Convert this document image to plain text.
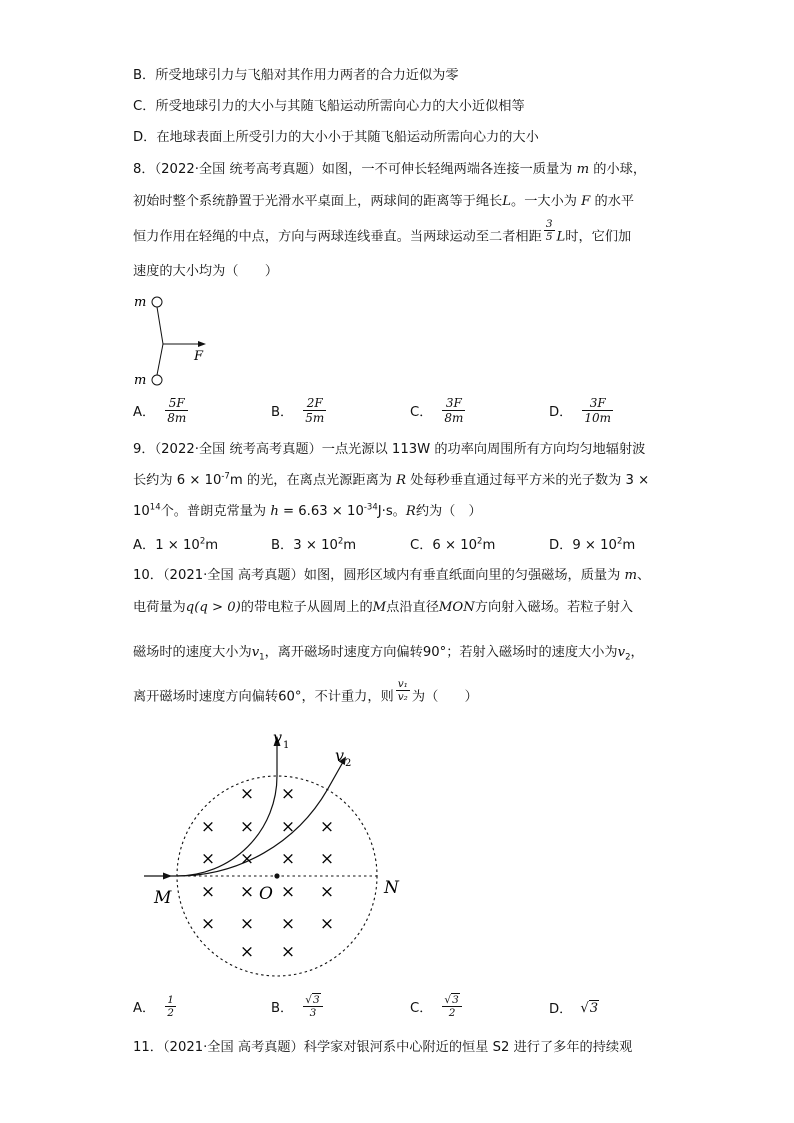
B．所受地球引力与飞船对其作用力两者的合力近似为零
C．所受地球引力的大小与其随飞船运动所需向心力的大小近似相等
D．在地球表面上所受引力的大小小于其随飞船运动所需向心力的大小
8．（2022·全国 统考高考真题）如图，一不可伸长轻绳两端各连接一质量为 m 的小球，
初始时整个系统静置于光滑水平桌面上，两球间的距离等于绳长L。一大小为 F 的水平
恒力作用在轻绳的中点，方向与两球连线垂直。当两球运动至二者相距 $\frac{3}{5}$ L时，它们加
速度的大小均为（　　）
m
m
F
A． $\frac{5F}{8m}$	B． $\frac{2F}{5m}$	C． $\frac{3F}{8m}$	D． $\frac{3F}{10m}$
9．（2022·全国 统考高考真题）一点光源以 113W 的功率向周围所有方向均匀地辐射波
长约为 $6 \times 10^{-7}m$ 的光，在离点光源距离为 R 处每秒垂直通过每平方米的光子数为 3 ×
$10^{14}$个。普朗克常量为 $h = 6.63 \times 10^{-34}J\cdot s$。R约为（　）
A．$1 \times 10^2m$	B．$3 \times 10^2m$	C．$6 \times 10^2m$	D．$9 \times 10^2m$
10．（2021·全国 高考真题）如图，圆形区域内有垂直纸面向里的匀强磁场，质量为 m、
电荷量为q(q > 0)的带电粒子从圆周上的M点沿直径MON方向射入磁场。若粒子射入
磁场时的速度大小为$v_1$，离开磁场时速度方向偏转90°；若射入磁场时的速度大小为$v_2$，
离开磁场时速度方向偏转60°，不计重力，则 $\frac{\text{v₁}}{\text{v₂}}$ 为（　　）
× ×
× × × ×
× × × ×
× × × ×
× × × ×
× ×
M	O	N
$v_1$
$v_2$
A． $\frac{1}{2}$	B． $\frac{√3}{3}$	C． $\frac{√3}{2}$	D． √3
11．（2021·全国 高考真题）科学家对银河系中心附近的恒星 S2 进行了多年的持续观
